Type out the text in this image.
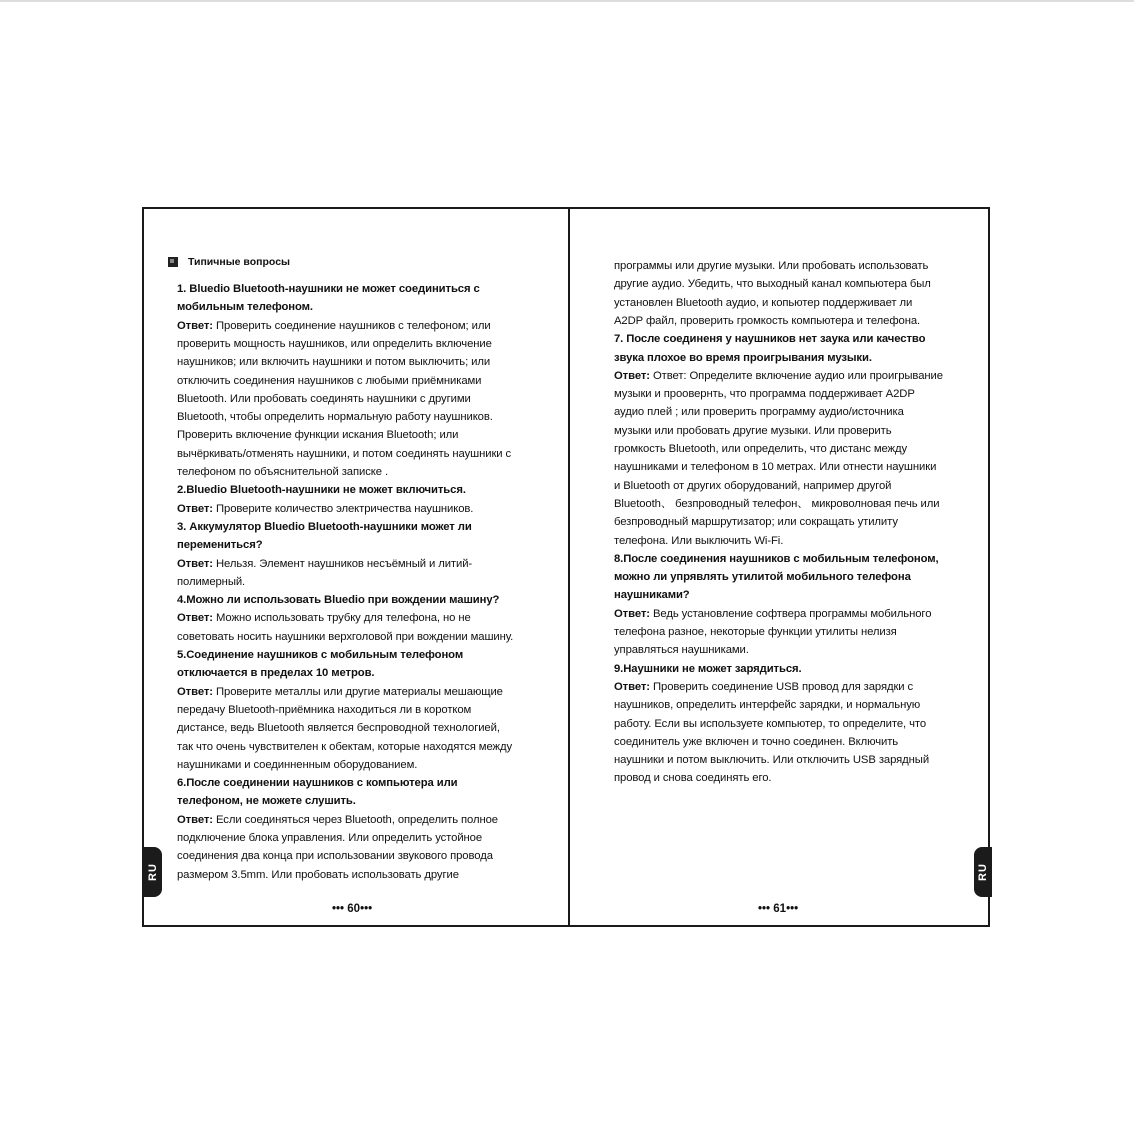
Типичные вопросы
1. Bluedio Bluetooth-наушники не может соединиться с
мобильным телефоном.
Ответ: Проверить соединение наушников с телефоном; или
проверить мощность наушников, или определить включение
наушников; или включить наушники и потом выключить; или
отключить соединения наушников с любыми приёмниками
Bluetooth. Или пробовать соединять наушники с другими
Bluetooth, чтобы определить нормальную работу наушников.
Проверить включение функции искания Bluetooth; или
вычёркивать/отменять наушники, и потом соединять наушники с
телефоном по объяснительной записке .
2.Bluedio Bluetooth-наушники не может включиться.
Ответ: Проверите количество электричества наушников.
3. Аккумулятор Bluedio Bluetooth-наушники может ли
перемениться?
Ответ: Нельзя. Элемент наушников несъёмный и литий-
полимерный.
4.Можно ли использовать Bluedio при вождении машину?
Ответ: Можно использовать трубку для телефона, но не
советовать носить наушники верхголовой при вождении машину.
5.Соединение наушников с мобильным телефоном
отключается в пределах 10 метров.
Ответ: Проверите металлы или другие материалы мешающие
передачу Bluetooth-приёмника находиться ли в коротком
дистансе, ведь Bluetooth является беспроводной технологией,
так что очень чувствителен к обектам, которые находятся между
наушниками и соединненным оборудованием.
6.После соединении наушников с компьютера или
телефоном, не можете слушить.
Ответ: Если соединяться через Bluetooth, определить полное
подключение блока управления. Или определить устойное
соединения два конца при использовании звукового провода
размером 3.5mm. Или пробовать использовать другие
••• 60•••
RU
программы или другие музыки. Или пробовать использовать
другие аудио. Убедить, что выходный канал компьютера был
установлен Bluetooth аудио, и копьютер поддерживает ли
A2DP файл, проверить громкость компьютера и телефона.
7. После соединеня у наушников нет заука или качество
звука плохое во время проигрывания музыки.
Ответ: Ответ: Определите включение аудио или проигрывание
музыки и проовернть, что программа поддерживает A2DP
аудио плей ; или проверить программу аудио/источника
музыки или пробовать другие музыки. Или проверить
громкость Bluetooth, или определить, что дистанс между
наушниками и телефоном в 10 метрах. Или отнести наушники
и Bluetooth от других оборудований, например другой
Bluetooth、 безпроводный телефон、 микроволновая печь или
безпроводный маршрутизатор; или сокращать утилиту
телефона. Или выключить Wi-Fi.
8.После соединения наушников с мобильным телефоном,
можно ли упрявлять утилитой мобильного телефона
наушниками?
Ответ: Ведь установление софтвера программы мобильного
телефона разное, некоторые функции утилиты нелизя
управляться наушниками.
9.Наушники не может зарядиться.
Ответ: Проверить соединение USB провод для зарядки с
наушников, определить интерфейс зарядки, и нормальную
работу. Если вы используете компьютер, то определите, что
соединитель уже включен и точно соединен. Включить
наушники и потом выключить. Или отключить USB зарядный
провод и снова соединять его.
••• 61•••
RU
